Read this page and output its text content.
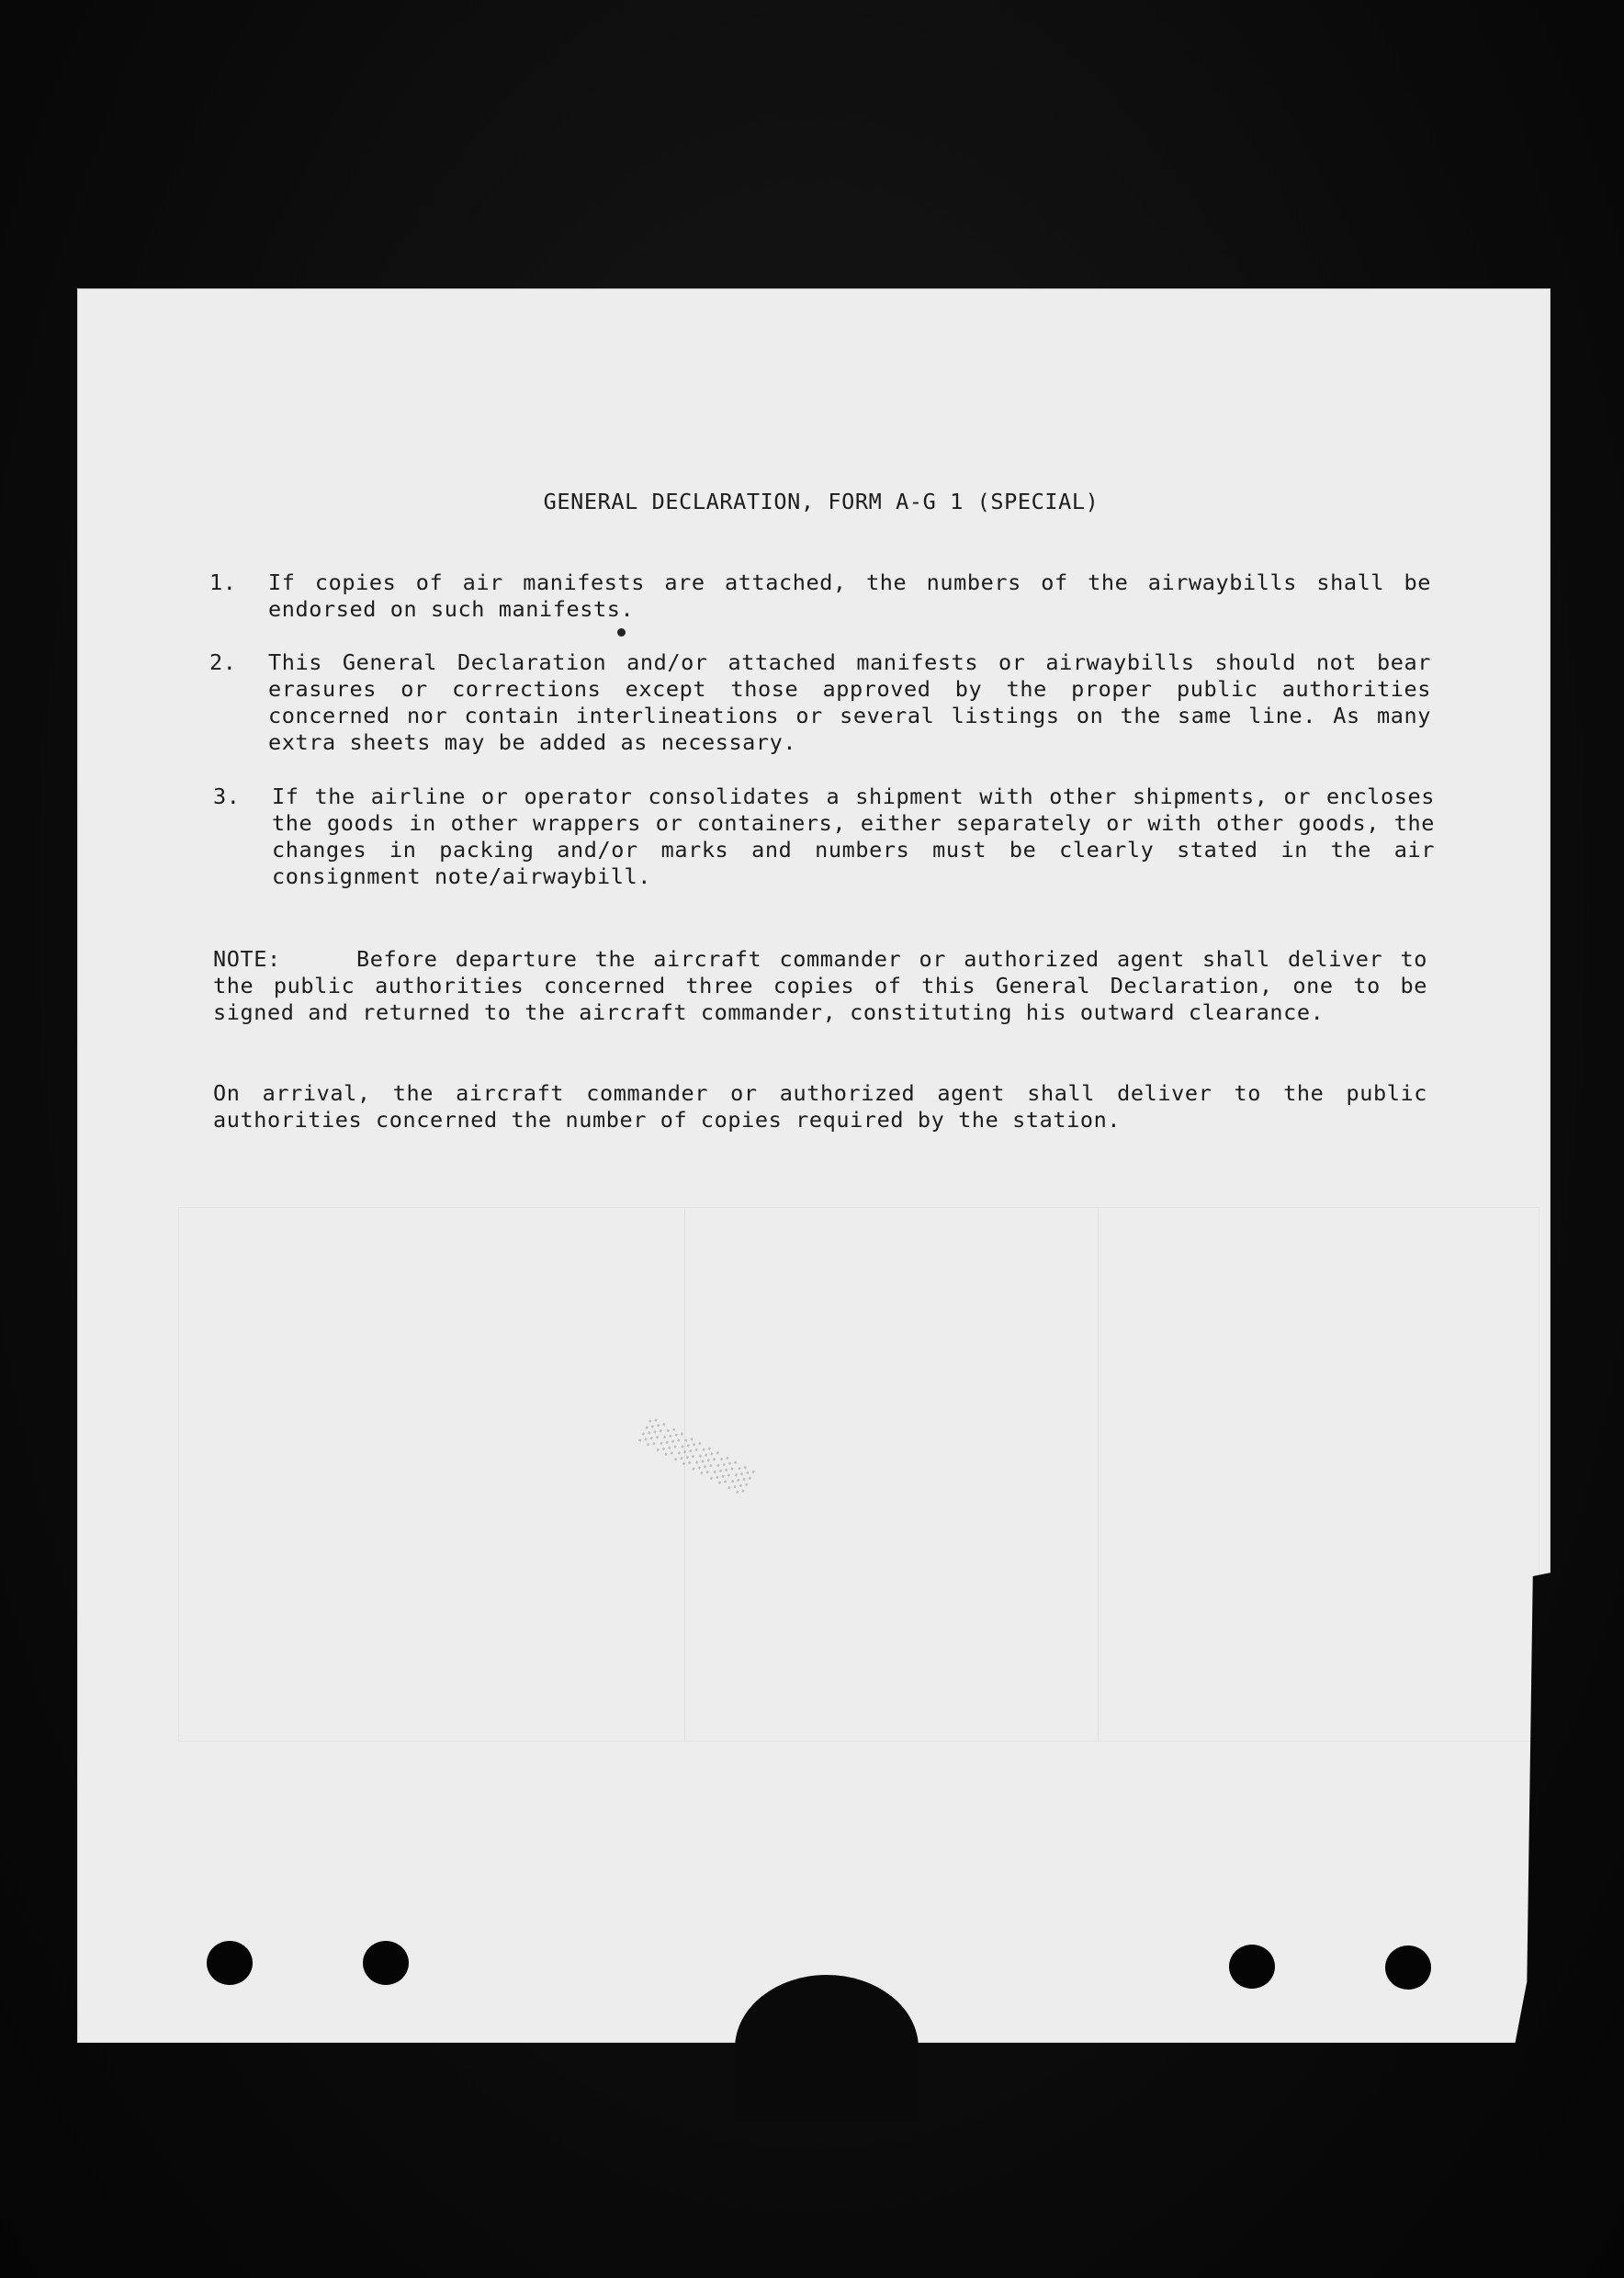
░░░░░░
GENERAL DECLARATION, FORM A-G 1 (SPECIAL)
1.	If copies of air manifests are attached, the numbers of the airwaybills shall be endorsed on such manifests.
2.	This General Declaration and/or attached manifests or airwaybills should not bear erasures or corrections except those approved by the proper public authorities concerned nor contain interlineations or several listings on the same line. As many extra sheets may be added as necessary.
3.	If the airline or operator consolidates a shipment with other shipments, or encloses the goods in other wrappers or containers, either separately or with other goods, the changes in packing and/or marks and numbers must be clearly stated in the air consignment note/airwaybill.
NOTE:	Before departure the aircraft commander or authorized agent shall deliver to the public authorities concerned three copies of this General Declaration, one to be signed and returned to the aircraft commander, constituting his outward clearance.
On arrival, the aircraft commander or authorized agent shall deliver to the public authorities concerned the number of copies required by the station.
